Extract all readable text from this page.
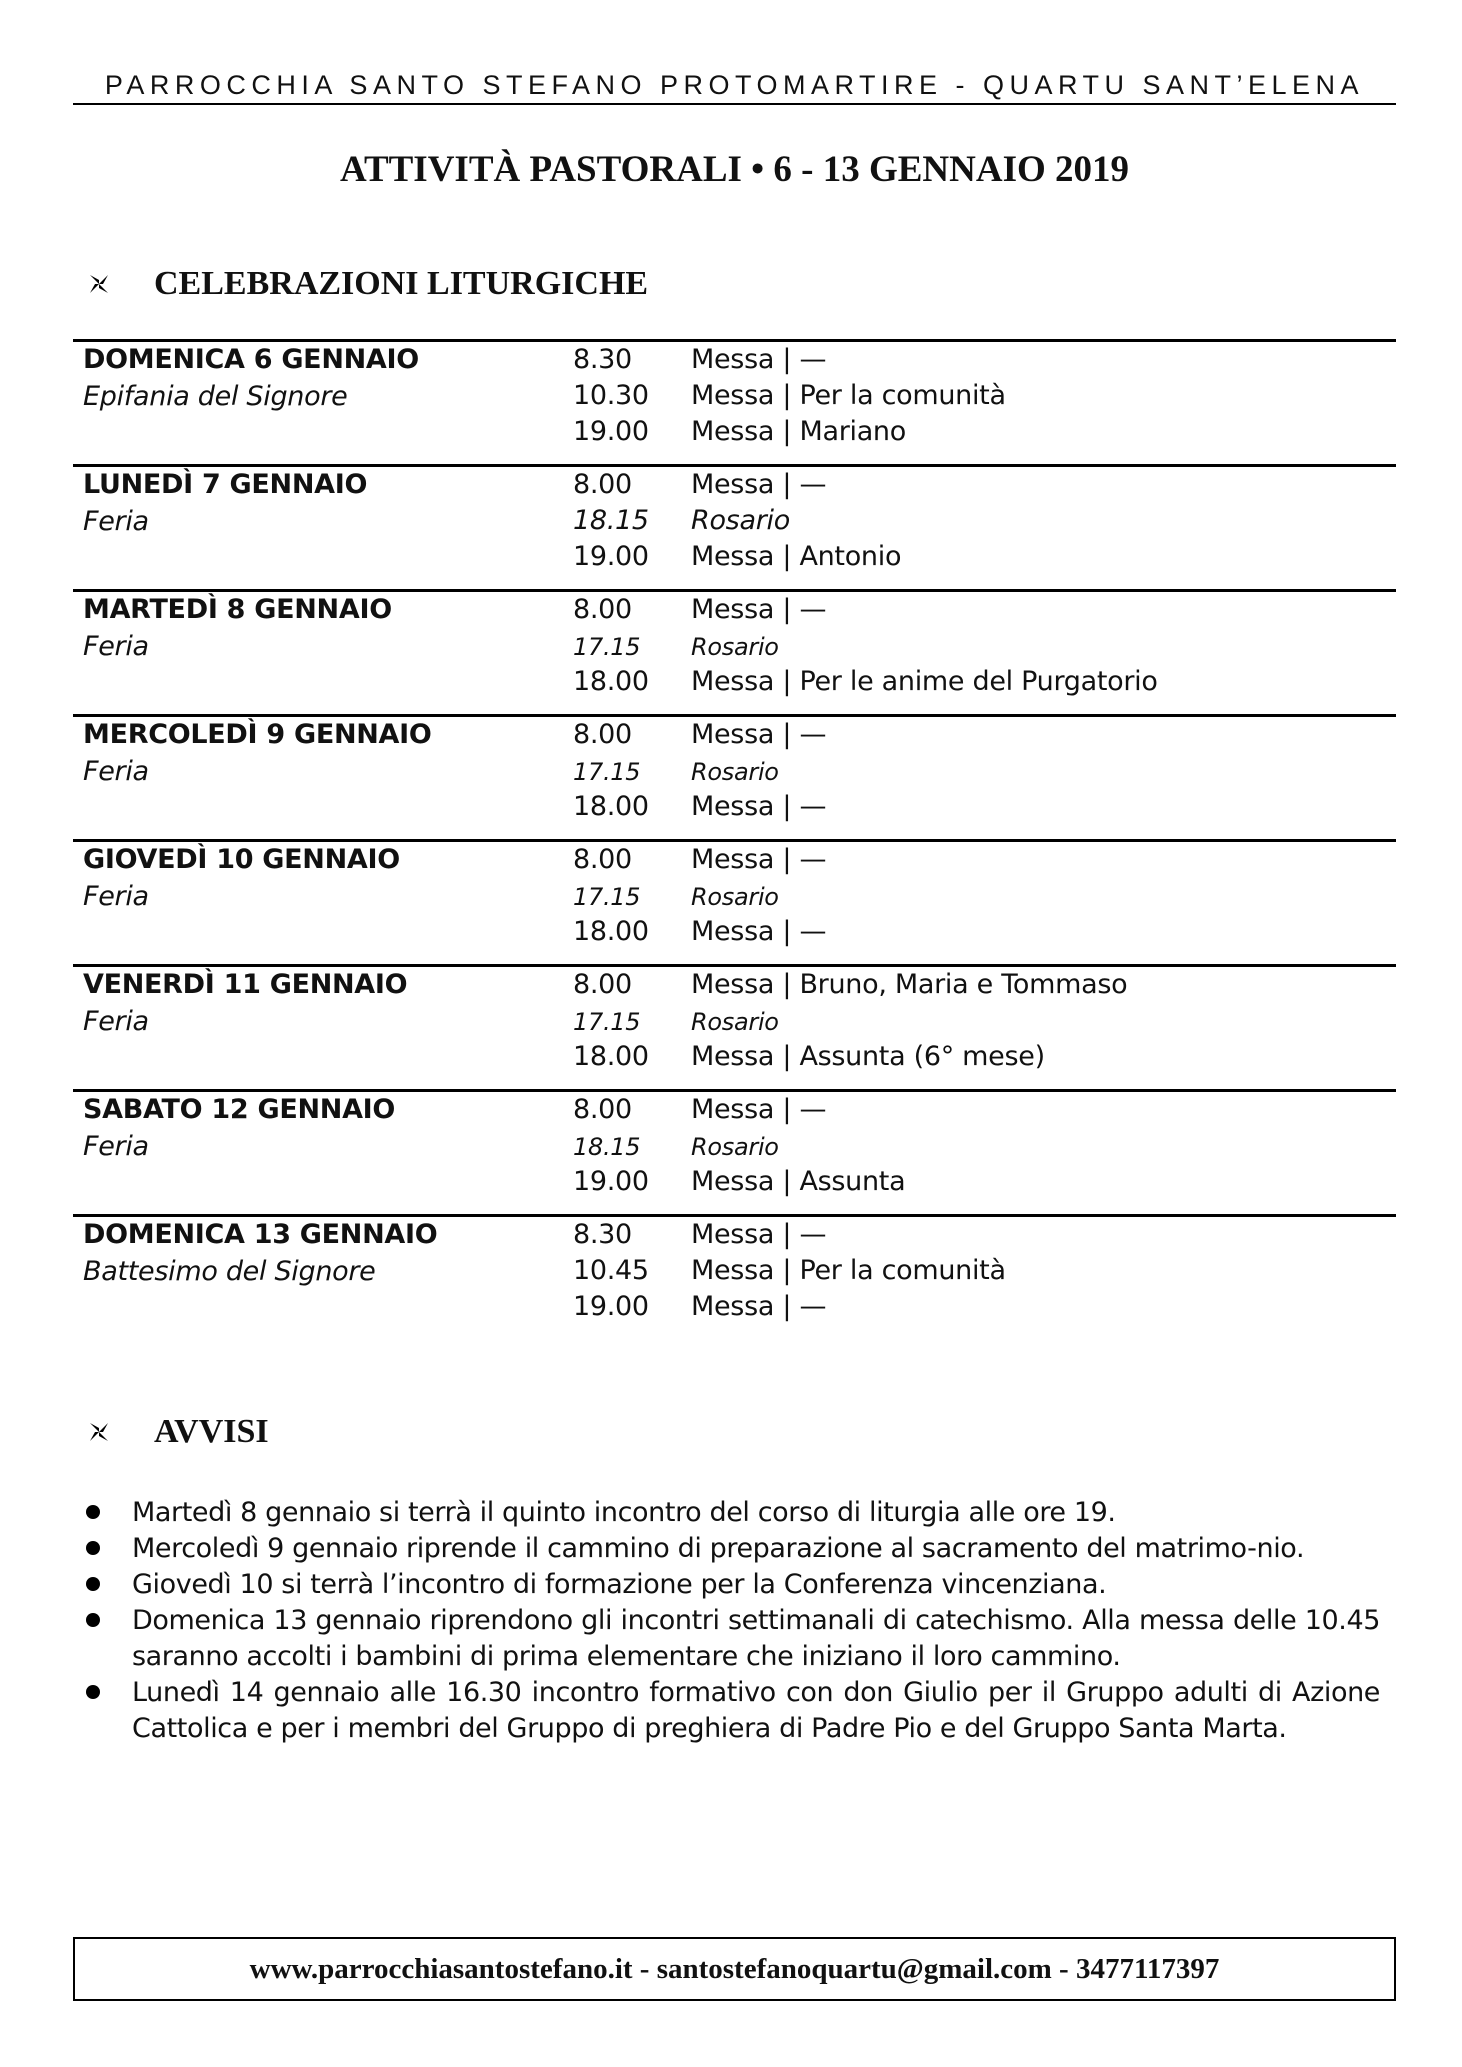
PARROCCHIA SANTO STEFANO PROTOMARTIRE - QUARTU SANT’ELENA
ATTIVITÀ PASTORALI • 6 - 13 GENNAIO 2019
CELEBRAZIONI LITURGICHE
DOMENICA 6 GENNAIO
Epifania del Signore
8.30 Messa | —
10.30 Messa | Per la comunità
19.00 Messa | Mariano
LUNEDÌ 7 GENNAIO
Feria
8.00 Messa | —
18.15 Rosario
19.00 Messa | Antonio
MARTEDÌ 8 GENNAIO
Feria
8.00 Messa | —
17.15 Rosario
18.00 Messa | Per le anime del Purgatorio
MERCOLEDÌ 9 GENNAIO
Feria
8.00 Messa | —
17.15 Rosario
18.00 Messa | —
GIOVEDÌ 10 GENNAIO
Feria
8.00 Messa | —
17.15 Rosario
18.00 Messa | —
VENERDÌ 11 GENNAIO
Feria
8.00 Messa | Bruno, Maria e Tommaso
17.15 Rosario
18.00 Messa | Assunta (6° mese)
SABATO 12 GENNAIO
Feria
8.00 Messa | —
18.15 Rosario
19.00 Messa | Assunta
DOMENICA 13 GENNAIO
Battesimo del Signore
8.30 Messa | —
10.45 Messa | Per la comunità
19.00 Messa | —
AVVISI
Martedì 8 gennaio si terrà il quinto incontro del corso di liturgia alle ore 19.
Mercoledì 9 gennaio riprende il cammino di preparazione al sacramento del matrimo-nio.
Giovedì 10 si terrà l’incontro di formazione per la Conferenza vincenziana.
Domenica 13 gennaio riprendono gli incontri settimanali di catechismo. Alla messa delle 10.45 saranno accolti i bambini di prima elementare che iniziano il loro cammino.
Lunedì 14 gennaio alle 16.30 incontro formativo con don Giulio per il Gruppo adulti di Azione Cattolica e per i membri del Gruppo di preghiera di Padre Pio e del Gruppo Santa Marta.
www.parrocchiasantostefano.it - santostefanoquartu@gmail.com - 3477117397
